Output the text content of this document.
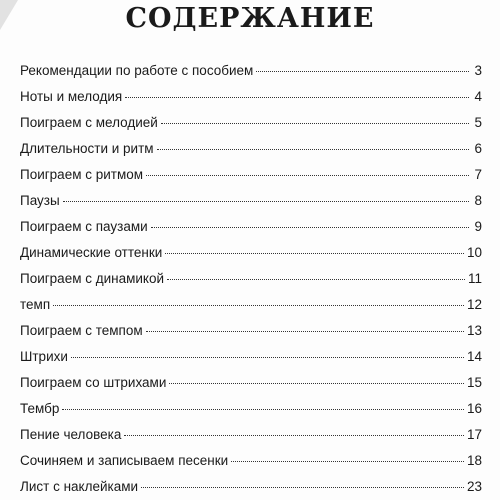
СОДЕРЖАНИЕ
Рекомендации по работе с пособием	3
Ноты и мелодия	4
Поиграем с мелодией	5
Длительности и ритм	6
Поиграем с ритмом	7
Паузы	8
Поиграем с паузами	9
Динамические оттенки	10
Поиграем с динамикой	11
темп	12
Поиграем с темпом	13
Штрихи	14
Поиграем со штрихами	15
Тембр	16
Пение человека	17
Сочиняем и записываем песенки	18
Лист с наклейками	23
